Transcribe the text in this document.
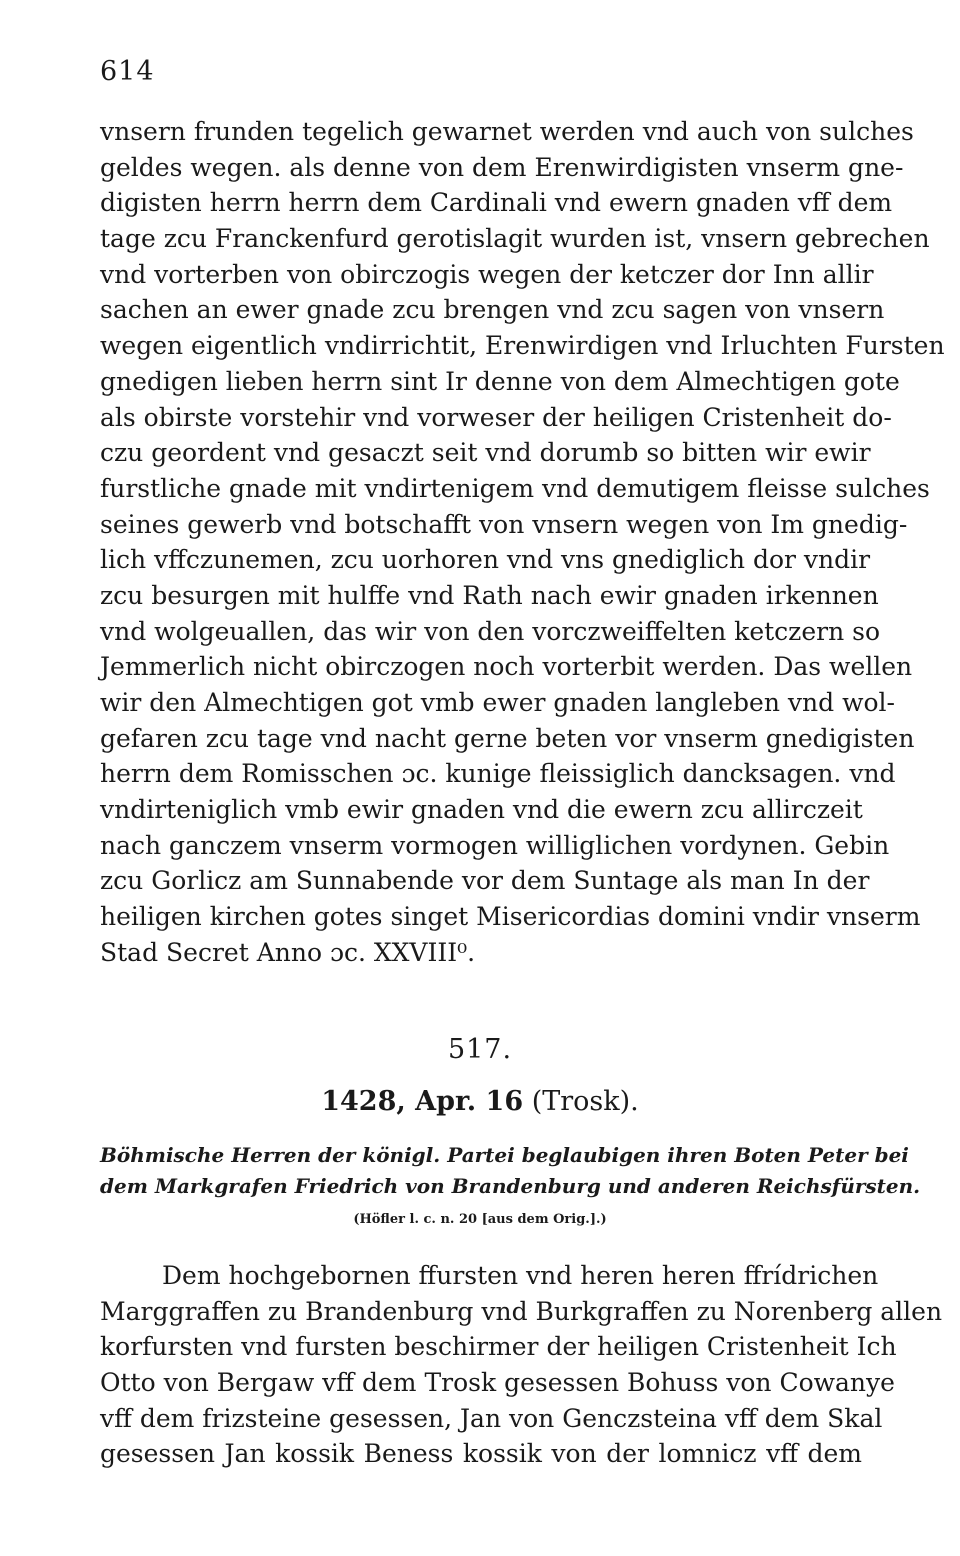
614
vnsern frunden tegelich gewarnet werden vnd auch von sulches
geldes wegen. als denne von dem Erenwirdigisten vnserm gne-
digisten herrn herrn dem Cardinali vnd ewern gnaden vff dem
tage zcu Franckenfurd gerotislagit wurden ist, vnsern gebrechen
vnd vorterben von obirczogis wegen der ketczer dor Inn allir
sachen an ewer gnade zcu brengen vnd zcu sagen von vnsern
wegen eigentlich vndirrichtit, Erenwirdigen vnd Irluchten Fursten
gnedigen lieben herrn sint Ir denne von dem Almechtigen gote
als obirste vorstehir vnd vorweser der heiligen Cristenheit do-
czu geordent vnd gesaczt seit vnd dorumb so bitten wir ewir
furstliche gnade mit vndirtenigem vnd demutigem fleisse sulches
seines gewerb vnd botschafft von vnsern wegen von Im gnedig-
lich vffczunemen, zcu uorhoren vnd vns gnediglich dor vndir
zcu besurgen mit hulffe vnd Rath nach ewir gnaden irkennen
vnd wolgeuallen, das wir von den vorczweiffelten ketczern so
Jemmerlich nicht obirczogen noch vorterbit werden. Das wellen
wir den Almechtigen got vmb ewer gnaden langleben vnd wol-
gefaren zcu tage vnd nacht gerne beten vor vnserm gnedigisten
herrn dem Romisschen ɔc. kunige fleissiglich dancksagen. vnd
vndirteniglich vmb ewir gnaden vnd die ewern zcu allirczeit
nach ganczem vnserm vormogen williglichen vordynen. Gebin
zcu Gorlicz am Sunnabende vor dem Suntage als man In der
heiligen kirchen gotes singet Misericordias domini vndir vnserm
Stad Secret Anno ɔc. XXVIII⁰.
517.
1428, Apr. 16 (Trosk).
Böhmische Herren der königl. Partei beglaubigen ihren Boten Peter bei
dem Markgrafen Friedrich von Brandenburg und anderen Reichsfürsten.
(Höfler l. c. n. 20 [aus dem Orig.].)
Dem hochgebornen ffursten vnd heren heren ffrídrichen
Marggraffen zu Brandenburg vnd Burkgraffen zu Norenberg allen
korfursten vnd fursten beschirmer der heiligen Cristenheit Ich
Otto von Bergaw vff dem Trosk gesessen Bohuss von Cowanye
vff dem frizsteine gesessen, Jan von Genczsteina vff dem Skal
gesessen Jan kossik Beness kossik von der lomnicz vff dem
